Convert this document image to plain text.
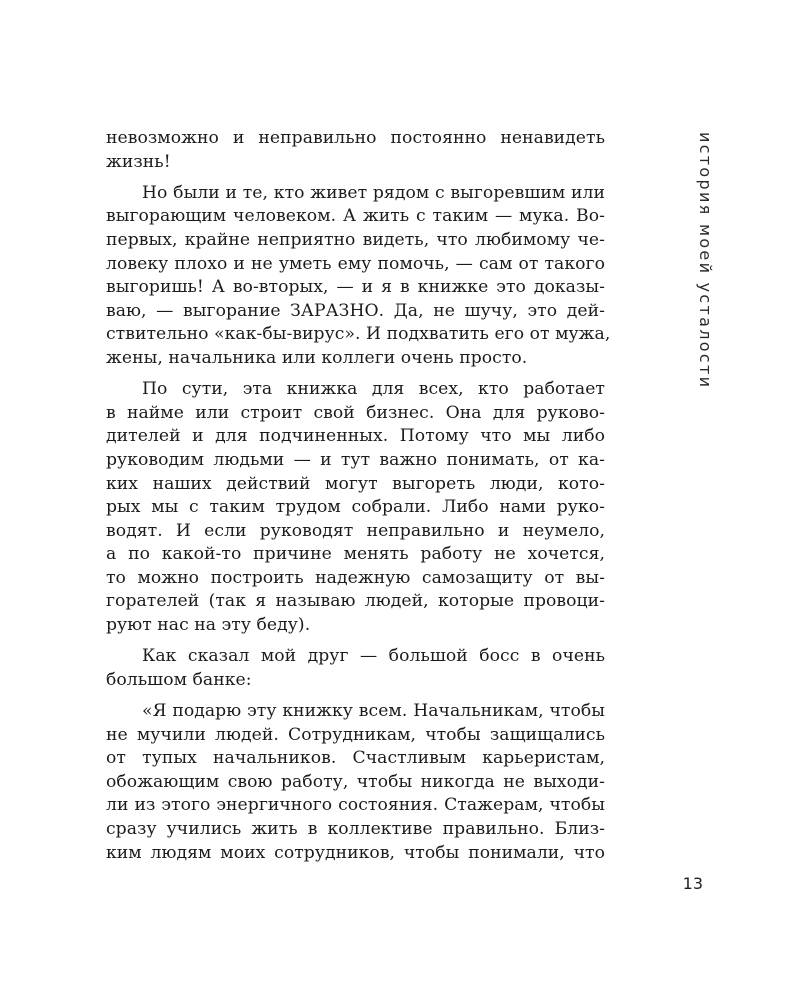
невозможно и неправильно постоянно ненавидеть
жизнь!
Но были и те, кто живет рядом с выгоревшим или
выгорающим человеком. А жить с таким — мука. Во-
первых, крайне неприятно видеть, что любимому че-
ловеку плохо и не уметь ему помочь, — сам от такого
выгоришь! А во-вторых, — и я в книжке это доказы-
ваю, — выгорание ЗАРАЗНО. Да, не шучу, это дей-
ствительно «как-бы-вирус». И подхватить его от мужа,
жены, начальника или коллеги очень просто.
По сути, эта книжка для всех, кто работает
в найме или строит свой бизнес. Она для руково-
дителей и для подчиненных. Потому что мы либо
руководим людьми — и тут важно понимать, от ка-
ких наших действий могут выгореть люди, кото-
рых мы с таким трудом собрали. Либо нами руко-
водят. И если руководят неправильно и неумело,
а по какой-то причине менять работу не хочется,
то можно построить надежную самозащиту от вы-
горателей (так я называю людей, которые провоци-
руют нас на эту беду).
Как сказал мой друг — большой босс в очень
большом банке:
«Я подарю эту книжку всем. Начальникам, чтобы
не мучили людей. Сотрудникам, чтобы защищались
от тупых начальников. Счастливым карьеристам,
обожающим свою работу, чтобы никогда не выходи-
ли из этого энергичного состояния. Стажерам, чтобы
сразу учились жить в коллективе правильно. Близ-
ким людям моих сотрудников, чтобы понимали, что
история моей усталости
13
